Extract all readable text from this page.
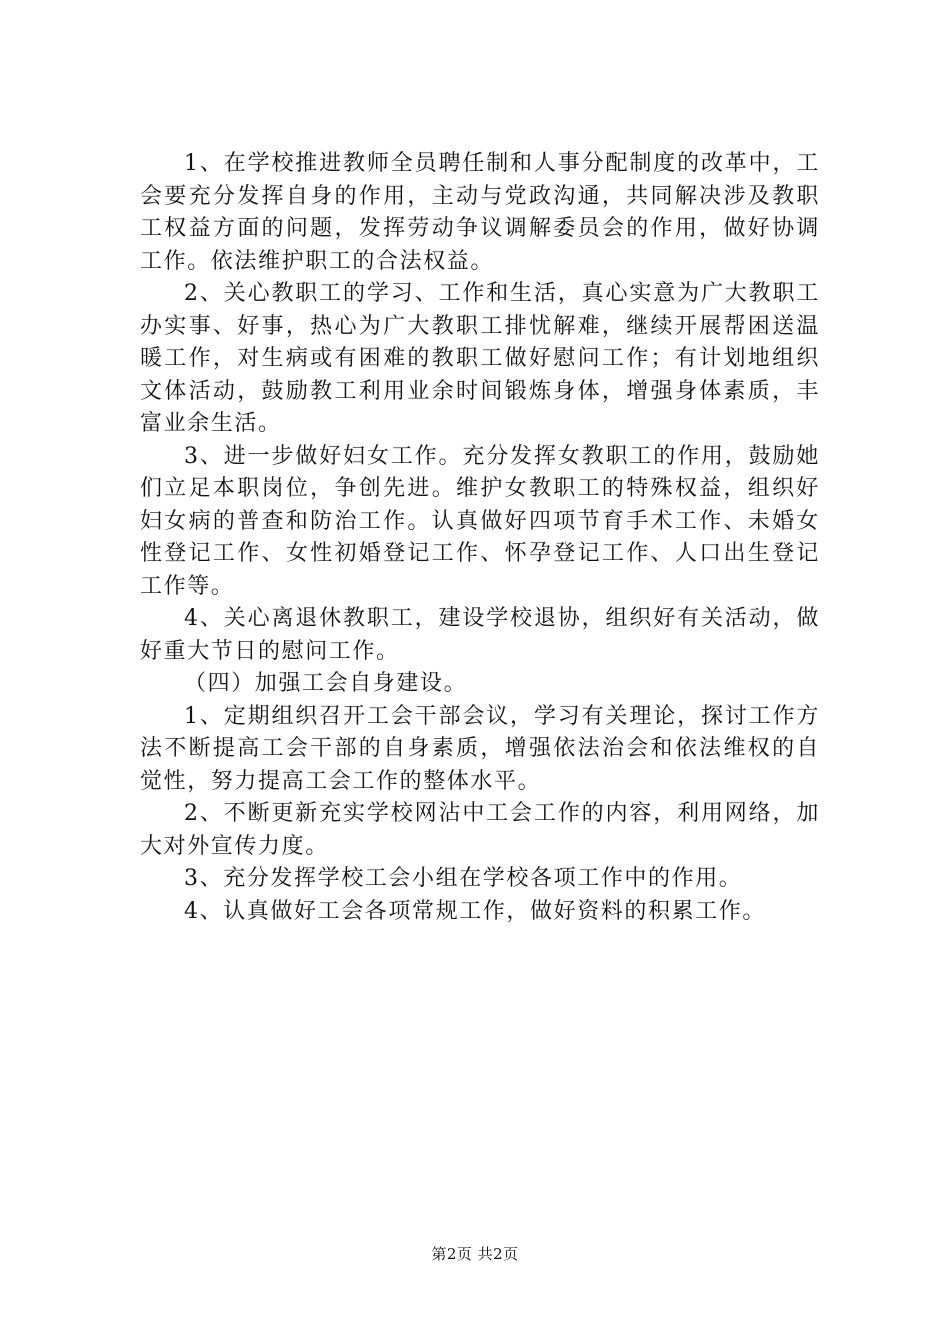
1、在学校推进教师全员聘任制和人事分配制度的改革中，工会要充分发挥自身的作用，主动与党政沟通，共同解决涉及教职工权益方面的问题，发挥劳动争议调解委员会的作用，做好协调工作。依法维护职工的合法权益。

2、关心教职工的学习、工作和生活，真心实意为广大教职工办实事、好事，热心为广大教职工排忧解难，继续开展帮困送温暖工作，对生病或有困难的教职工做好慰问工作；有计划地组织文体活动，鼓励教工利用业余时间锻炼身体，增强身体素质，丰富业余生活。

3、进一步做好妇女工作。充分发挥女教职工的作用，鼓励她们立足本职岗位，争创先进。维护女教职工的特殊权益，组织好妇女病的普查和防治工作。认真做好四项节育手术工作、未婚女性登记工作、女性初婚登记工作、怀孕登记工作、人口出生登记工作等。

4、关心离退休教职工，建设学校退协，组织好有关活动，做好重大节日的慰问工作。

（四）加强工会自身建设。

1、定期组织召开工会干部会议，学习有关理论，探讨工作方法不断提高工会干部的自身素质，增强依法治会和依法维权的自觉性，努力提高工会工作的整体水平。

2、不断更新充实学校网沾中工会工作的内容，利用网络，加大对外宣传力度。

3、充分发挥学校工会小组在学校各项工作中的作用。

4、认真做好工会各项常规工作，做好资料的积累工作。

第2页 共2页
